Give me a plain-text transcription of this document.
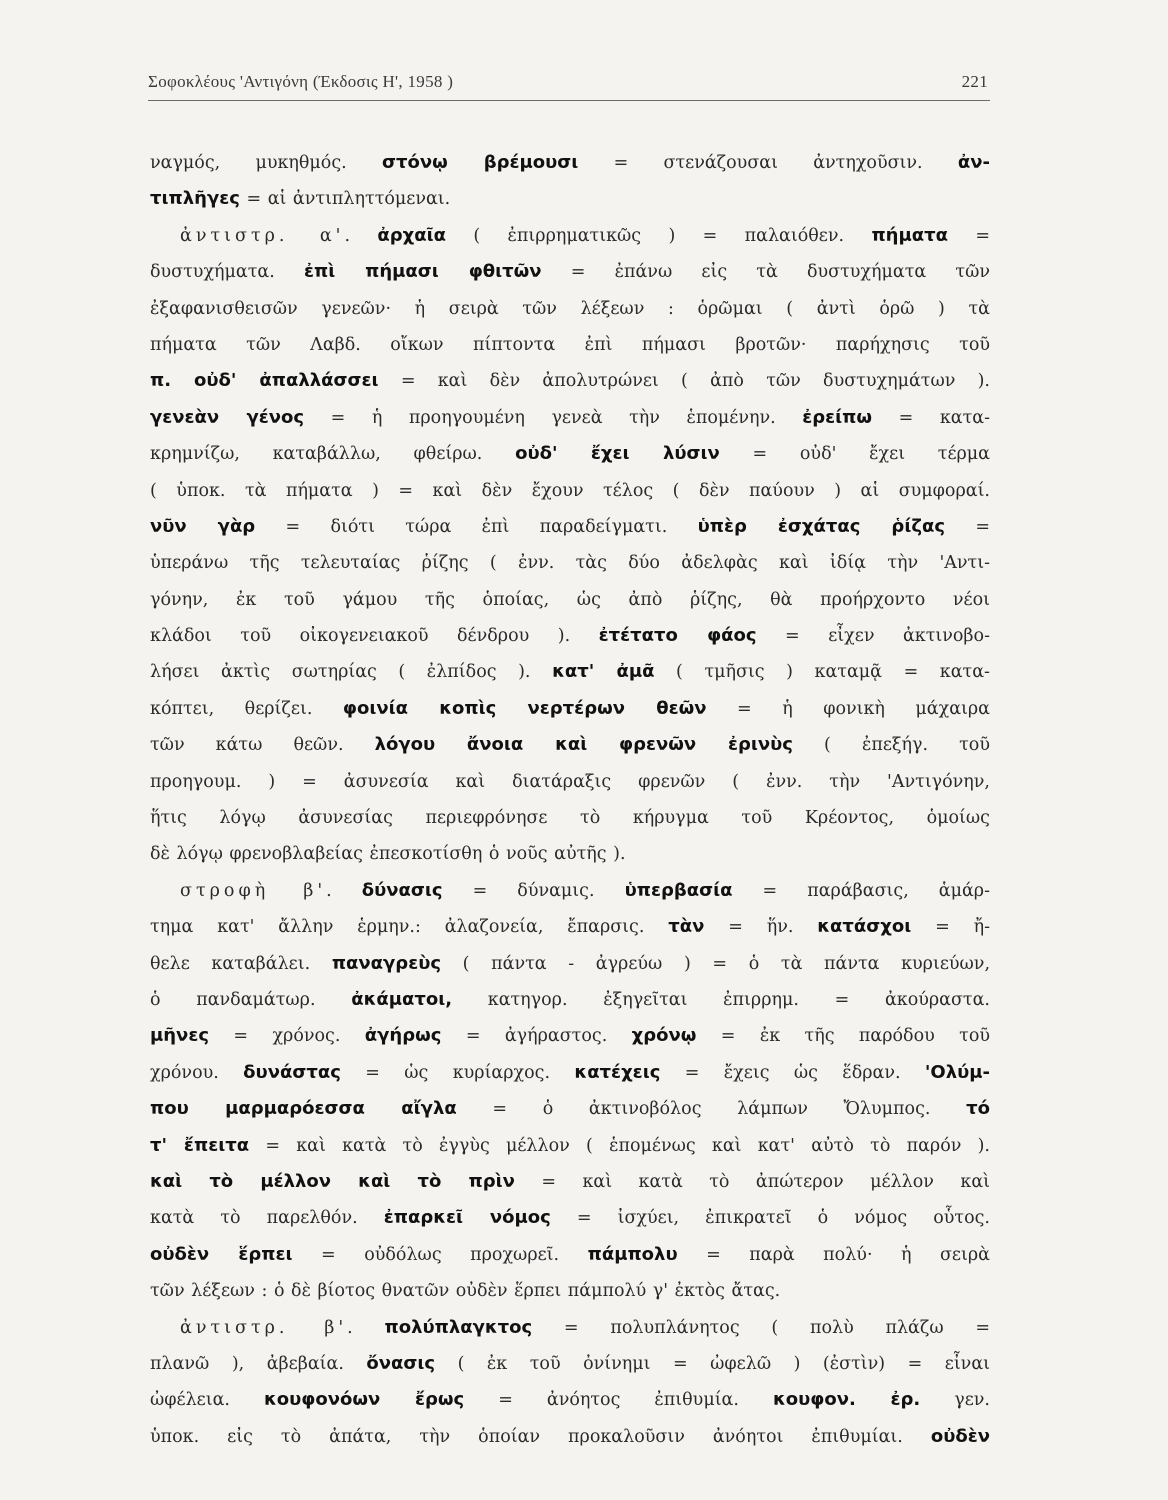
Σοφοκλέους 'Αντιγόνη (Έκδοσις Η', 1958 )	221
ναγμός, μυκηθμός. στόνῳ βρέμουσι = στενάζουσαι ἀντηχοῦσιν. ἀν-
τιπλῆγες = αἱ ἀντιπληττόμεναι.
ἀντιστρ. α'. ἀρχαῖα ( ἐπιρρηματικῶς ) = παλαιόθεν. πήματα =
δυστυχήματα. ἐπὶ πήμασι φθιτῶν = ἐπάνω εἰς τὰ δυστυχήματα τῶν
ἐξαφανισθεισῶν γενεῶν· ἡ σειρὰ τῶν λέξεων : ὁρῶμαι ( ἀντὶ ὁρῶ ) τὰ
πήματα τῶν Λαβδ. οἴκων πίπτοντα ἐπὶ πήμασι βροτῶν· παρήχησις τοῦ
π. οὐδ' ἀπαλλάσσει = καὶ δὲν ἀπολυτρώνει ( ἀπὸ τῶν δυστυχημάτων ).
γενεὰν γένος = ἡ προηγουμένη γενεὰ τὴν ἑπομένην. ἐρείπω = κατα-
κρημνίζω, καταβάλλω, φθείρω. οὐδ' ἔχει λύσιν = οὐδ' ἔχει τέρμα
( ὑποκ. τὰ πήματα ) = καὶ δὲν ἔχουν τέλος ( δὲν παύουν ) αἱ συμφοραί.
νῦν γὰρ = διότι τώρα ἐπὶ παραδείγματι. ὑπὲρ ἐσχάτας ῥίζας =
ὑπεράνω τῆς τελευταίας ῥίζης ( ἐνν. τὰς δύο ἀδελφὰς καὶ ἰδίᾳ τὴν 'Αντι-
γόνην, ἐκ τοῦ γάμου τῆς ὁποίας, ὡς ἀπὸ ῥίζης, θὰ προήρχοντο νέοι
κλάδοι τοῦ οἰκογενειακοῦ δένδρου ). ἐτέτατο φάος = εἶχεν ἀκτινοβο-
λήσει ἀκτὶς σωτηρίας ( ἐλπίδος ). κατ' ἀμᾶ ( τμῆσις ) καταμᾷ = κατα-
κόπτει, θερίζει. φοινία κοπὶς νερτέρων θεῶν = ἡ φονικὴ μάχαιρα
τῶν κάτω θεῶν. λόγου ἄνοια καὶ φρενῶν ἐρινὺς ( ἐπεξήγ. τοῦ
προηγουμ. ) = ἀσυνεσία καὶ διατάραξις φρενῶν ( ἐνν. τὴν 'Αντιγόνην,
ἥτις λόγῳ ἀσυνεσίας περιεφρόνησε τὸ κήρυγμα τοῦ Κρέοντος, ὁμοίως
δὲ λόγῳ φρενοβλαβείας ἐπεσκοτίσθη ὁ νοῦς αὐτῆς ).
στροφὴ β'. δύνασις = δύναμις. ὑπερβασία = παράβασις, ἁμάρ-
τημα κατ' ἄλλην ἑρμην.: ἀλαζονεία, ἔπαρσις. τὰν = ἥν. κατάσχοι = ἤ-
θελε καταβάλει. παναγρεὺς ( πάντα - ἀγρεύω ) = ὁ τὰ πάντα κυριεύων,
ὁ πανδαμάτωρ. ἀκάματοι, κατηγορ. ἐξηγεῖται ἐπιρρημ. = ἀκούραστα.
μῆνες = χρόνος. ἀγήρως = ἀγήραστος. χρόνῳ = ἐκ τῆς παρόδου τοῦ
χρόνου. δυνάστας = ὡς κυρίαρχος. κατέχεις = ἔχεις ὡς ἕδραν. 'Ολύμ-
που μαρμαρόεσσα αἴγλα = ὁ ἀκτινοβόλος λάμπων Ὄλυμπος. τό
τ' ἔπειτα = καὶ κατὰ τὸ ἐγγὺς μέλλον ( ἑπομένως καὶ κατ' αὐτὸ τὸ παρόν ).
καὶ τὸ μέλλον καὶ τὸ πρὶν = καὶ κατὰ τὸ ἀπώτερον μέλλον καὶ
κατὰ τὸ παρελθόν. ἐπαρκεῖ νόμος = ἰσχύει, ἐπικρατεῖ ὁ νόμος οὗτος.
οὐδὲν ἕρπει = οὐδόλως προχωρεῖ. πάμπολυ = παρὰ πολύ· ἡ σειρὰ
τῶν λέξεων : ὁ δὲ βίοτος θνατῶν οὐδὲν ἕρπει πάμπολύ γ' ἐκτὸς ἄτας.
ἀντιστρ. β'. πολύπλαγκτος = πολυπλάνητος ( πολὺ πλάζω =
πλανῶ ), ἀβεβαία. ὄνασις ( ἐκ τοῦ ὀνίνημι = ὠφελῶ ) (ἐστὶν) = εἶναι
ὠφέλεια. κουφονόων ἔρως = ἀνόητος ἐπιθυμία. κουφον. ἐρ. γεν.
ὑποκ. εἰς τὸ ἀπάτα, τὴν ὁποίαν προκαλοῦσιν ἀνόητοι ἐπιθυμίαι. οὐδὲν
